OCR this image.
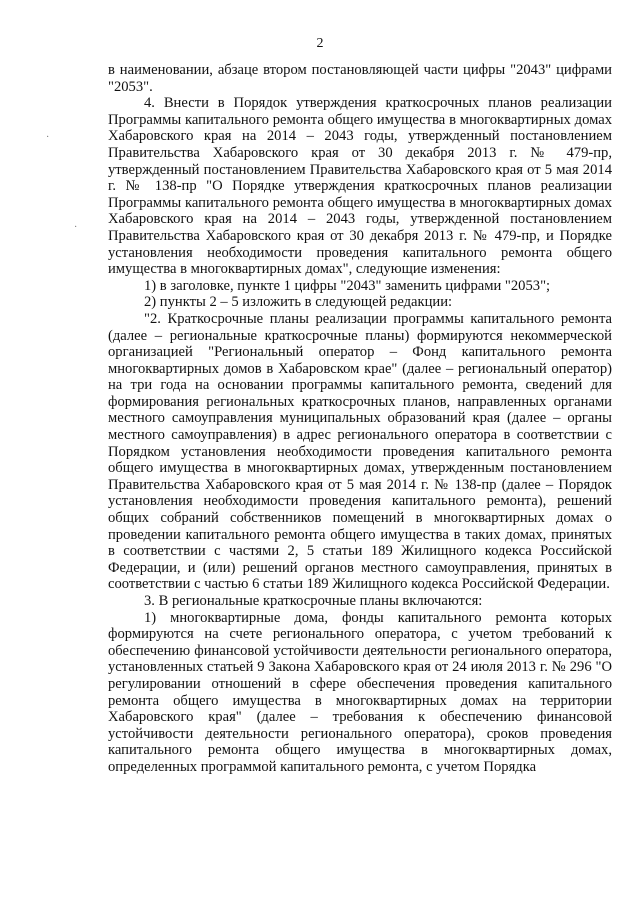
2
·
·

в наименовании, абзаце втором постановляющей части цифры "2043" цифрами "2053".

4. Внести в Порядок утверждения краткосрочных планов реализации Программы капитального ремонта общего имущества в многоквартирных домах Хабаровского края на 2014 – 2043 годы, утвержденный постановлением Правительства Хабаровского края от 30 декабря 2013 г. № 479-пр, утвержденный постановлением Правительства Хабаровского края от 5 мая 2014 г. № 138-пр "О Порядке утверждения краткосрочных планов реализации Программы капитального ремонта общего имущества в многоквартирных домах Хабаровского края на 2014 – 2043 годы, утвержденной постановлением Правительства Хабаровского края от 30 декабря 2013 г. № 479-пр, и Порядке установления необходимости проведения капитального ремонта общего имущества в многоквартирных домах", следующие изменения:

1) в заголовке, пункте 1 цифры "2043" заменить цифрами "2053";

2) пункты 2 – 5 изложить в следующей редакции:

"2. Краткосрочные планы реализации программы капитального ремонта (далее – региональные краткосрочные планы) формируются некоммерческой организацией "Региональный оператор – Фонд капитального ремонта многоквартирных домов в Хабаровском крае" (далее – региональный оператор) на три года на основании программы капитального ремонта, сведений для формирования региональных краткосрочных планов, направленных органами местного самоуправления муниципальных образований края (далее – органы местного самоуправления) в адрес регионального оператора в соответствии с Порядком установления необходимости проведения капитального ремонта общего имущества в многоквартирных домах, утвержденным постановлением Правительства Хабаровского края от 5 мая 2014 г. № 138-пр (далее – Порядок установления необходимости проведения капитального ремонта), решений общих собраний собственников помещений в многоквартирных домах о проведении капитального ремонта общего имущества в таких домах, принятых в соответствии с частями 2, 5 статьи 189 Жилищного кодекса Российской Федерации, и (или) решений органов местного самоуправления, принятых в соответствии с частью 6 статьи 189 Жилищного кодекса Российской Федерации.

3. В региональные краткосрочные планы включаются:

1) многоквартирные дома, фонды капитального ремонта которых формируются на счете регионального оператора, с учетом требований к обеспечению финансовой устойчивости деятельности регионального оператора, установленных статьей 9 Закона Хабаровского края от 24 июля 2013 г. № 296 "О регулировании отношений в сфере обеспечения проведения капитального ремонта общего имущества в многоквартирных домах на территории Хабаровского края" (далее – требования к обеспечению финансовой устойчивости деятельности регионального оператора), сроков проведения капитального ремонта общего имущества в многоквартирных домах, определенных программой капитального ремонта, с учетом Порядка
